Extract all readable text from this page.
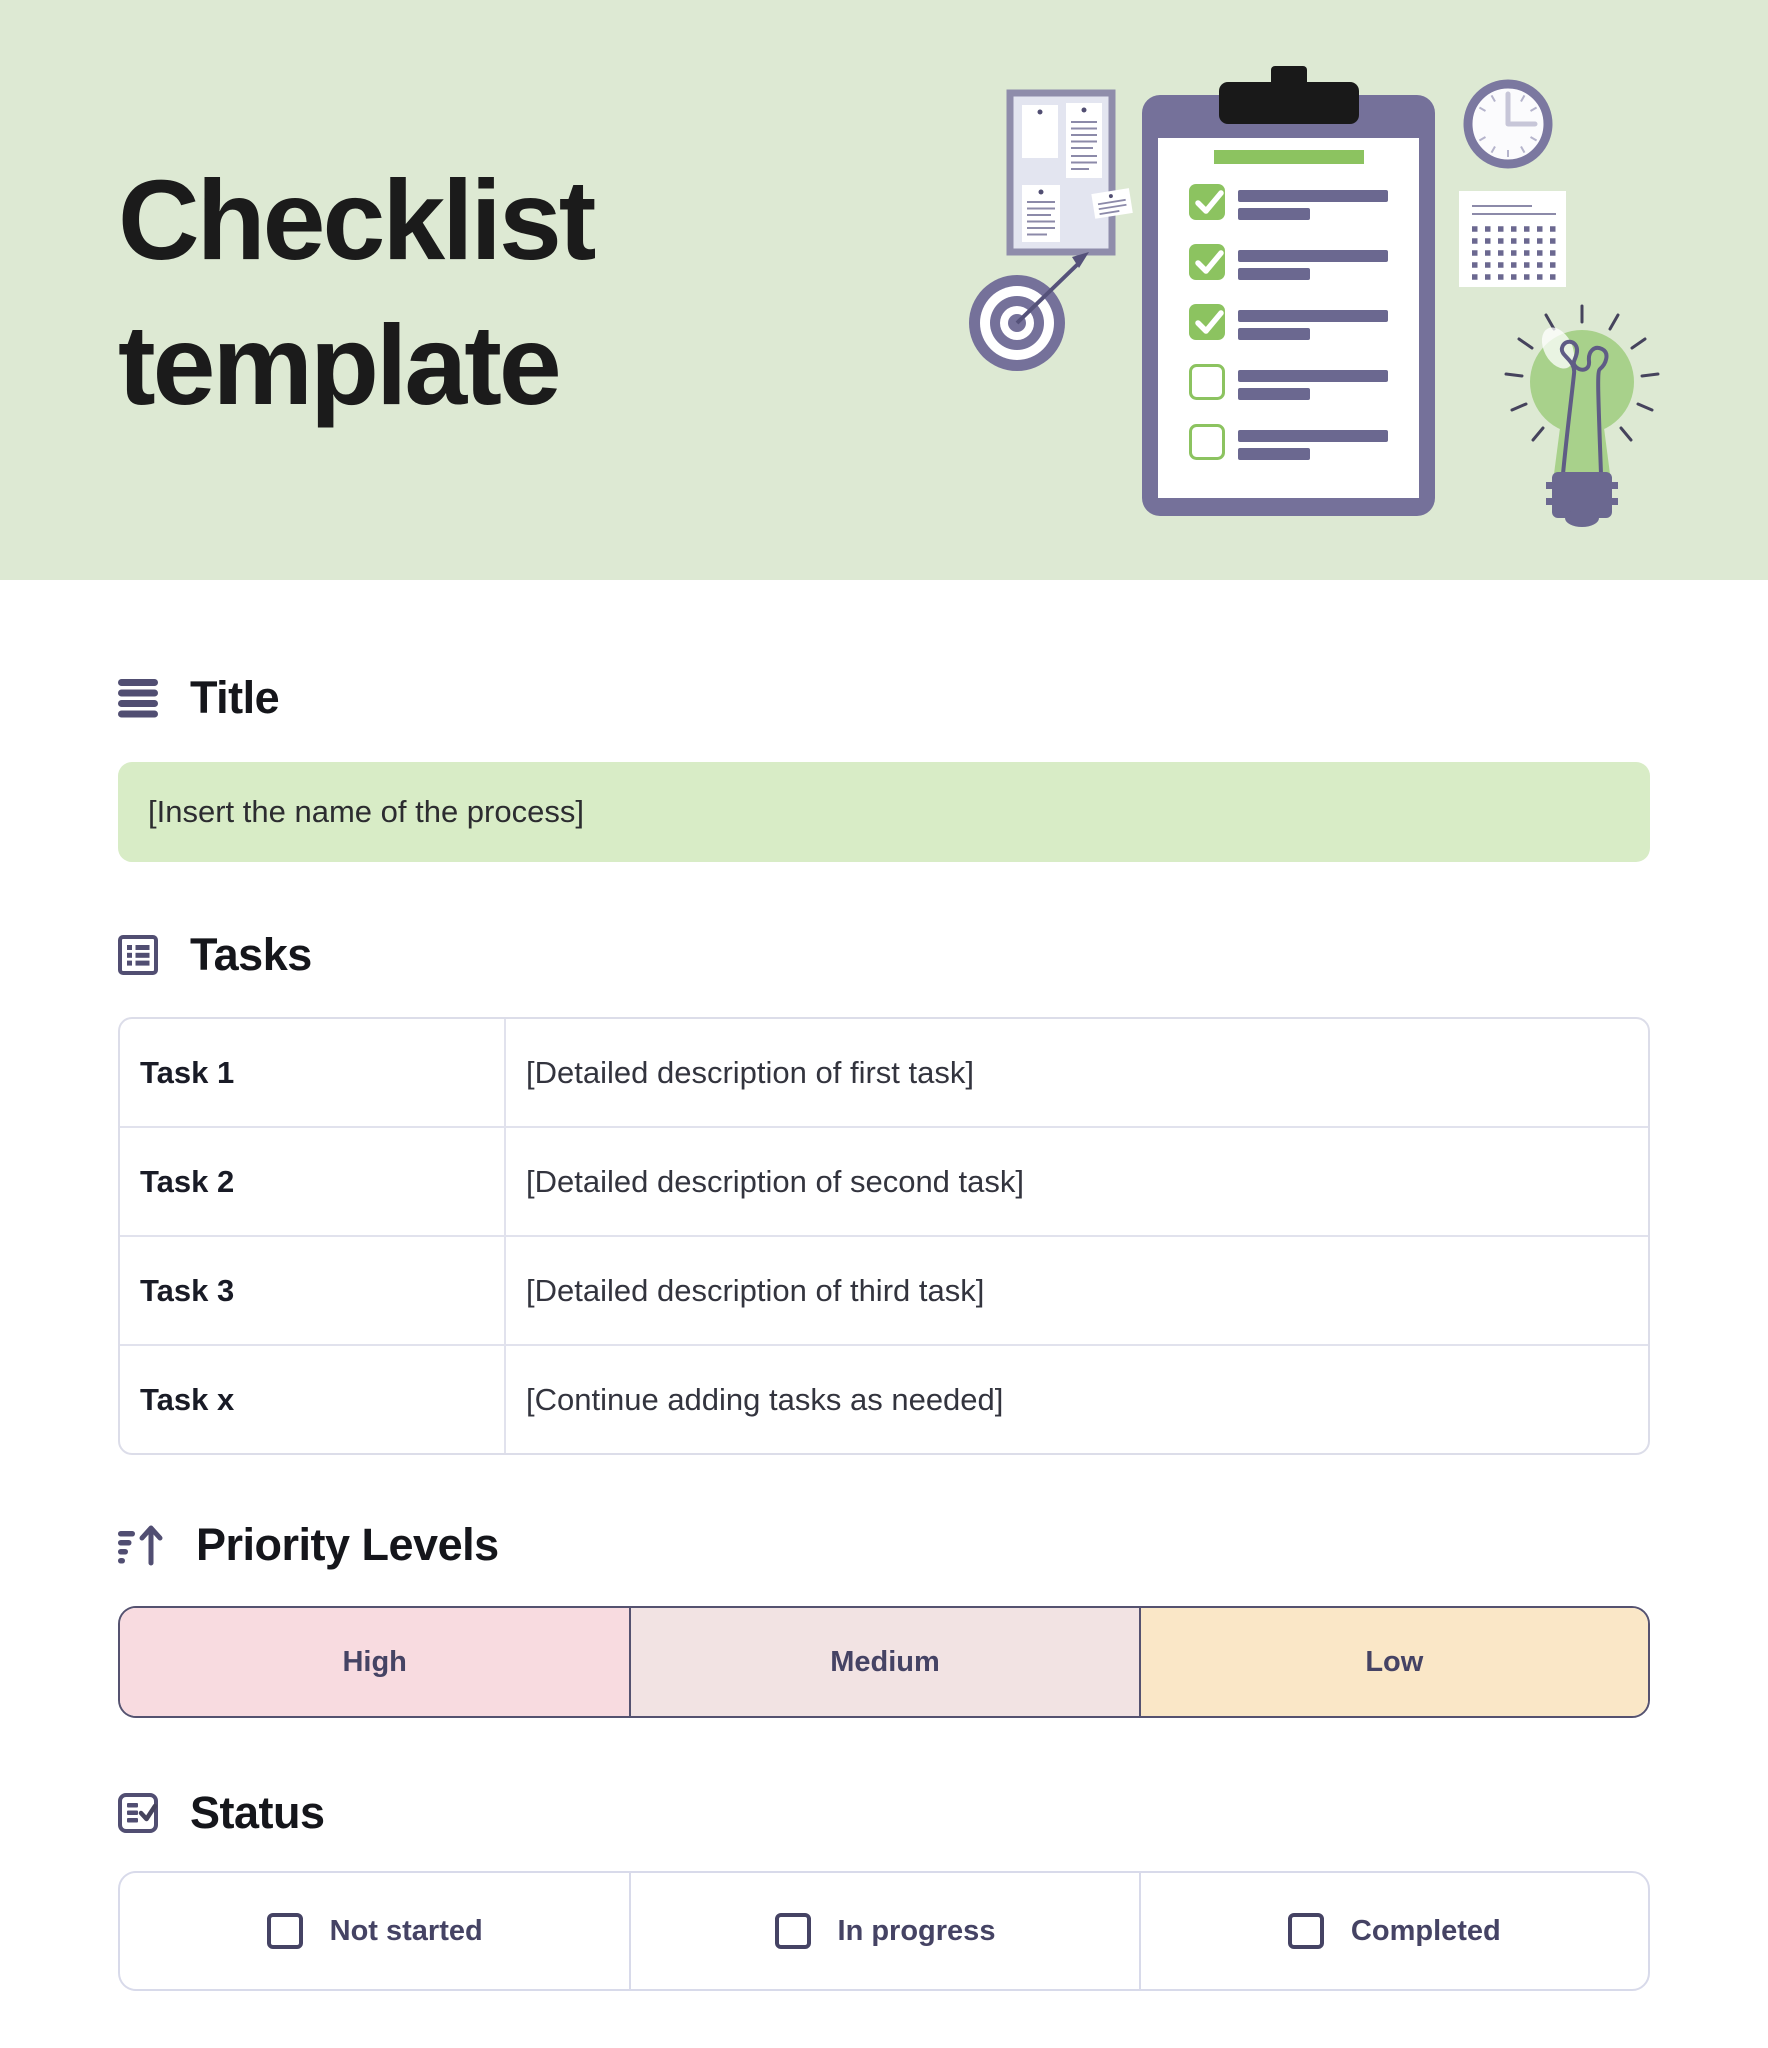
Checklist
template
Title
[Insert the name of the process]
Tasks
Task 1	[Detailed description of first task]
Task 2	[Detailed description of second task]
Task 3	[Detailed description of third task]
Task x	[Continue adding tasks as needed]
Priority Levels
High	Medium	Low
Status
Not started	In progress	Completed
